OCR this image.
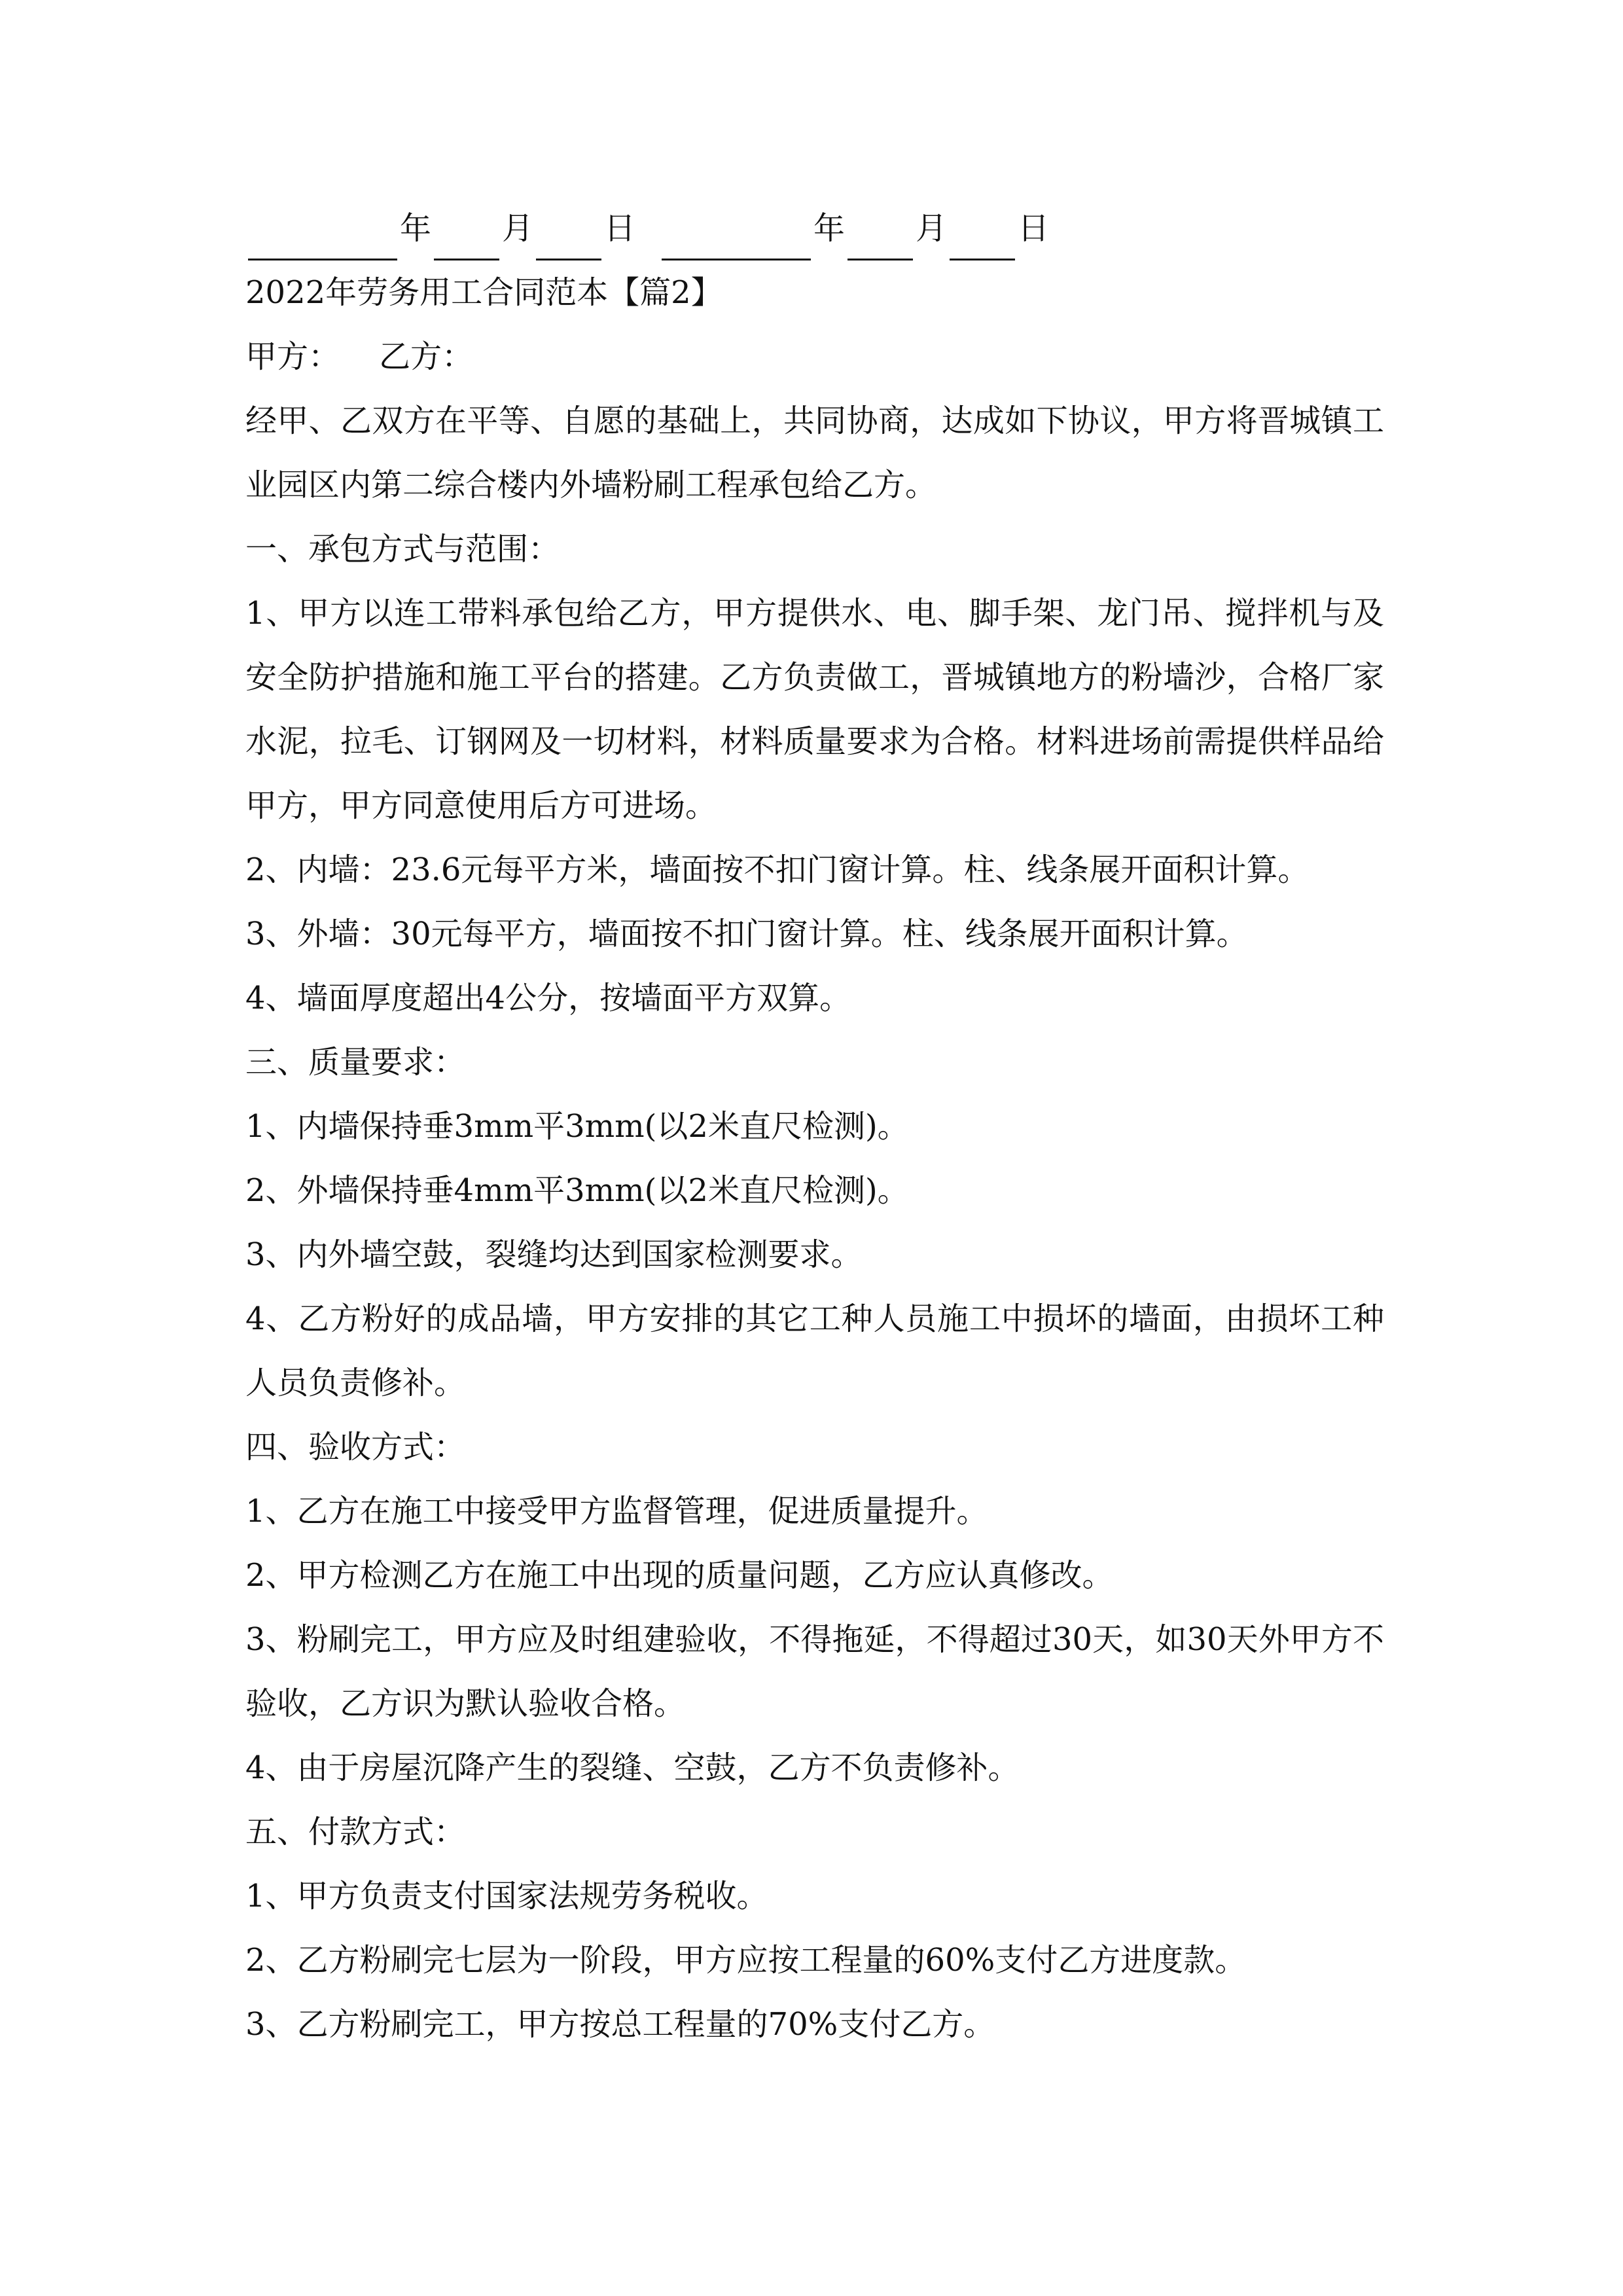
年 月 日	年 月 日
2022年劳务用工合同范本【篇2】
甲方： 乙方：
经甲、乙双方在平等、自愿的基础上，共同协商，达成如下协议，甲方将晋城镇工业园区内第二综合楼内外墙粉刷工程承包给乙方。
一、承包方式与范围：
1、甲方以连工带料承包给乙方，甲方提供水、电、脚手架、龙门吊、搅拌机与及安全防护措施和施工平台的搭建。乙方负责做工，晋城镇地方的粉墙沙，合格厂家水泥，拉毛、订钢网及一切材料，材料质量要求为合格。材料进场前需提供样品给甲方，甲方同意使用后方可进场。
2、内墙：23.6元每平方米，墙面按不扣门窗计算。柱、线条展开面积计算。
3、外墙：30元每平方，墙面按不扣门窗计算。柱、线条展开面积计算。
4、墙面厚度超出4公分，按墙面平方双算。
三、质量要求：
1、内墙保持垂3mm平3mm(以2米直尺检测)。
2、外墙保持垂4mm平3mm(以2米直尺检测)。
3、内外墙空鼓，裂缝均达到国家检测要求。
4、乙方粉好的成品墙，甲方安排的其它工种人员施工中损坏的墙面，由损坏工种人员负责修补。
四、验收方式：
1、乙方在施工中接受甲方监督管理，促进质量提升。
2、甲方检测乙方在施工中出现的质量问题，乙方应认真修改。
3、粉刷完工，甲方应及时组建验收，不得拖延，不得超过30天，如30天外甲方不验收，乙方识为默认验收合格。
4、由于房屋沉降产生的裂缝、空鼓，乙方不负责修补。
五、付款方式：
1、甲方负责支付国家法规劳务税收。
2、乙方粉刷完七层为一阶段，甲方应按工程量的60%支付乙方进度款。
3、乙方粉刷完工，甲方按总工程量的70%支付乙方。
